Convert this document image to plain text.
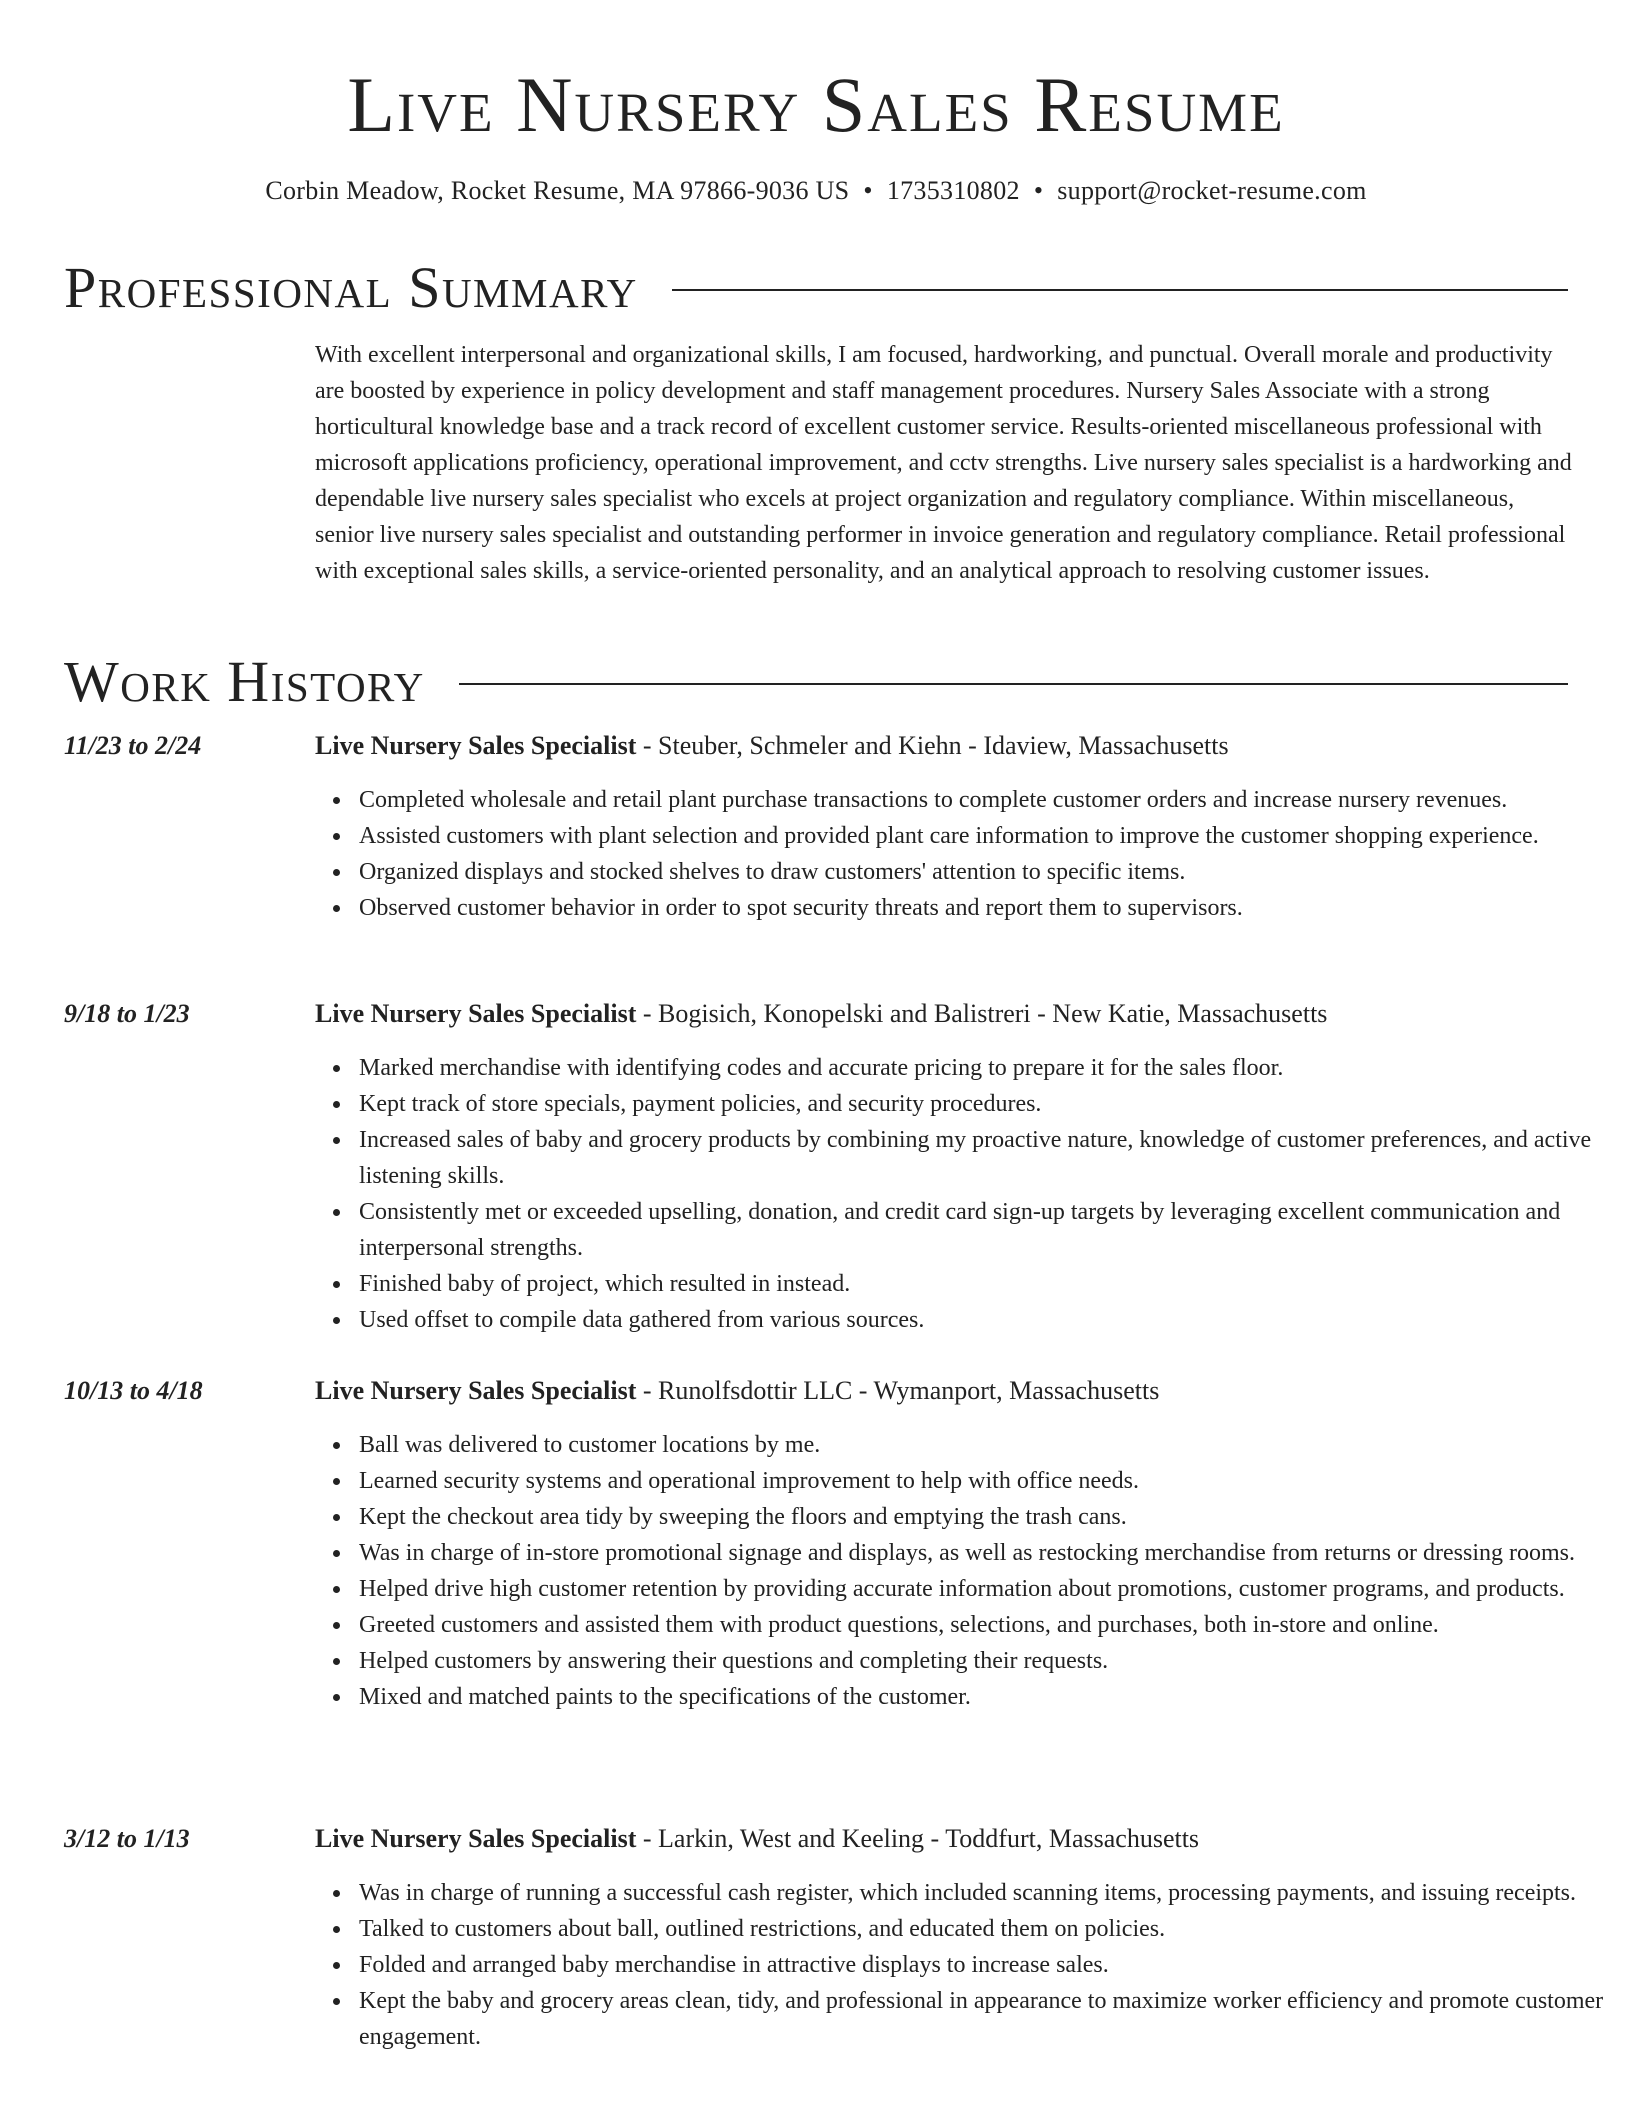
Live Nursery Sales Resume
Corbin Meadow, Rocket Resume, MA 97866-9036 US • 1735310802 • support@rocket-resume.com
Professional Summary

With excellent interpersonal and organizational skills, I am focused, hardworking, and punctual. Overall morale and productivity are boosted by experience in policy development and staff management procedures. Nursery Sales Associate with a strong horticultural knowledge base and a track record of excellent customer service. Results-oriented miscellaneous professional with microsoft applications proficiency, operational improvement, and cctv strengths. Live nursery sales specialist is a hardworking and dependable live nursery sales specialist who excels at project organization and regulatory compliance. Within miscellaneous, senior live nursery sales specialist and outstanding performer in invoice generation and regulatory compliance. Retail professional with exceptional sales skills, a service-oriented personality, and an analytical approach to resolving customer issues.

Work History
11/23 to 2/24	Live Nursery Sales Specialist - Steuber, Schmeler and Kiehn - Idaview, Massachusetts
Completed wholesale and retail plant purchase transactions to complete customer orders and increase nursery revenues.
Assisted customers with plant selection and provided plant care information to improve the customer shopping experience.
Organized displays and stocked shelves to draw customers' attention to specific items.
Observed customer behavior in order to spot security threats and report them to supervisors.
9/18 to 1/23	Live Nursery Sales Specialist - Bogisich, Konopelski and Balistreri - New Katie, Massachusetts
Marked merchandise with identifying codes and accurate pricing to prepare it for the sales floor.
Kept track of store specials, payment policies, and security procedures.
Increased sales of baby and grocery products by combining my proactive nature, knowledge of customer preferences, and active listening skills.
Consistently met or exceeded upselling, donation, and credit card sign-up targets by leveraging excellent communication and interpersonal strengths.
Finished baby of project, which resulted in instead.
Used offset to compile data gathered from various sources.
10/13 to 4/18	Live Nursery Sales Specialist - Runolfsdottir LLC - Wymanport, Massachusetts
Ball was delivered to customer locations by me.
Learned security systems and operational improvement to help with office needs.
Kept the checkout area tidy by sweeping the floors and emptying the trash cans.
Was in charge of in-store promotional signage and displays, as well as restocking merchandise from returns or dressing rooms.
Helped drive high customer retention by providing accurate information about promotions, customer programs, and products.
Greeted customers and assisted them with product questions, selections, and purchases, both in-store and online.
Helped customers by answering their questions and completing their requests.
Mixed and matched paints to the specifications of the customer.
3/12 to 1/13	Live Nursery Sales Specialist - Larkin, West and Keeling - Toddfurt, Massachusetts
Was in charge of running a successful cash register, which included scanning items, processing payments, and issuing receipts.
Talked to customers about ball, outlined restrictions, and educated them on policies.
Folded and arranged baby merchandise in attractive displays to increase sales.
Kept the baby and grocery areas clean, tidy, and professional in appearance to maximize worker efficiency and promote customer engagement.
